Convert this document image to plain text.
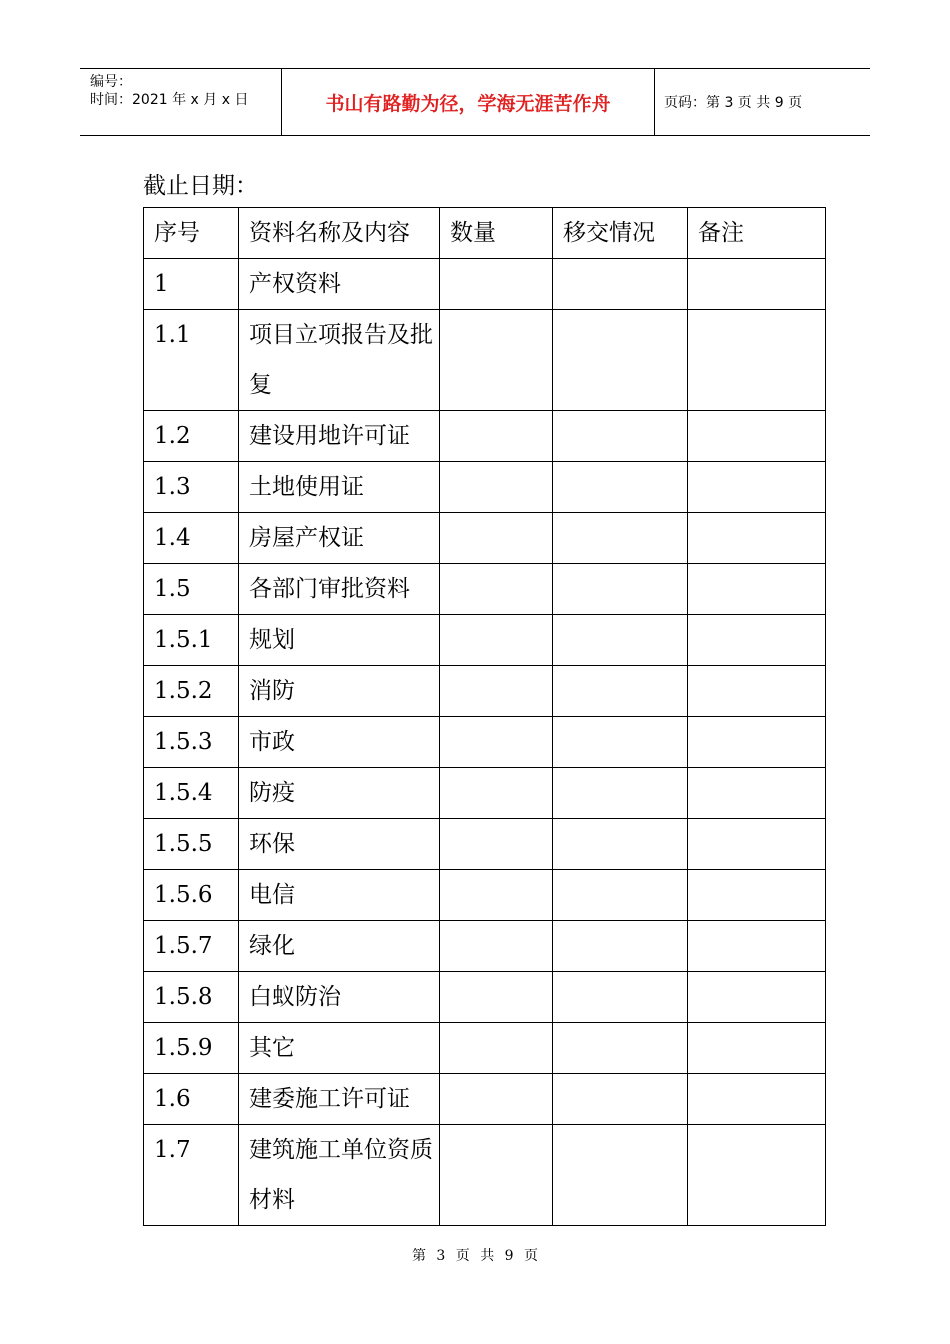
编号：
时间：2021 年 x 月 x 日	书山有路勤为径，学海无涯苦作舟	页码：第 3 页 共 9 页
截止日期：
序号	资料名称及内容	数量	移交情况	备注
1	产权资料			

1.1	项目立项报告及批复			

1.2	建设用地许可证			

1.3	土地使用证			

1.4	房屋产权证			

1.5	各部门审批资料			

1.5.1	规划			

1.5.2	消防			

1.5.3	市政			

1.5.4	防疫			

1.5.5	环保			

1.5.6	电信			

1.5.7	绿化			

1.5.8	白蚁防治			

1.5.9	其它			

1.6	建委施工许可证			

1.7	建筑施工单位资质材料			

第 3 页 共 9 页
